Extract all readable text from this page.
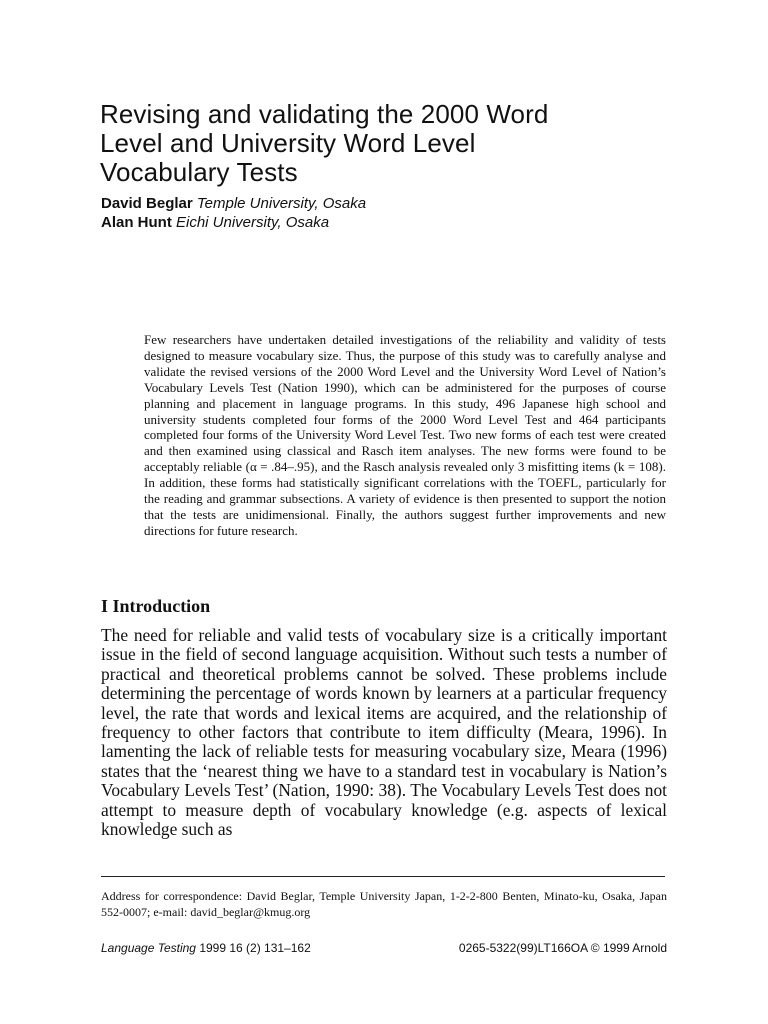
Revising and validating the 2000 Word
Level and University Word Level
Vocabulary Tests
David Beglar Temple University, Osaka
Alan Hunt Eichi University, Osaka

Few researchers have undertaken detailed investigations of the reliability and validity of tests designed to measure vocabulary size. Thus, the purpose of this study was to carefully analyse and validate the revised versions of the 2000 Word Level and the University Word Level of Nation’s Vocabulary Levels Test (Nation 1990), which can be administered for the purposes of course planning and placement in language programs. In this study, 496 Japanese high school and university students completed four forms of the 2000 Word Level Test and 464 participants completed four forms of the University Word Level Test. Two new forms of each test were created and then examined using classical and Rasch item analyses. The new forms were found to be acceptably reliable (α = .84–.95), and the Rasch analysis revealed only 3 misfitting items (k = 108). In addition, these forms had statistically significant correlations with the TOEFL, particularly for the reading and grammar subsections. A variety of evidence is then presented to support the notion that the tests are unidimensional. Finally, the authors suggest further improvements and new directions for future research.

I Introduction

The need for reliable and valid tests of vocabulary size is a critically important issue in the field of second language acquisition. Without such tests a number of practical and theoretical problems cannot be solved. These problems include determining the percentage of words known by learners at a particular frequency level, the rate that words and lexical items are acquired, and the relationship of frequency to other factors that contribute to item difficulty (Meara, 1996). In lamenting the lack of reliable tests for measuring vocabulary size, Meara (1996) states that the ‘nearest thing we have to a standard test in vocabulary is Nation’s Vocabulary Levels Test’ (Nation, 1990: 38). The Vocabulary Levels Test does not attempt to measure depth of vocabulary knowledge (e.g. aspects of lexical knowledge such as

Address for correspondence: David Beglar, Temple University Japan, 1-2-2-800 Benten, Minato-ku, Osaka, Japan 552-0007; e-mail: david_beglar@kmug.org

Language Testing 1999 16 (2) 131–162	0265-5322(99)LT166OA © 1999 Arnold
